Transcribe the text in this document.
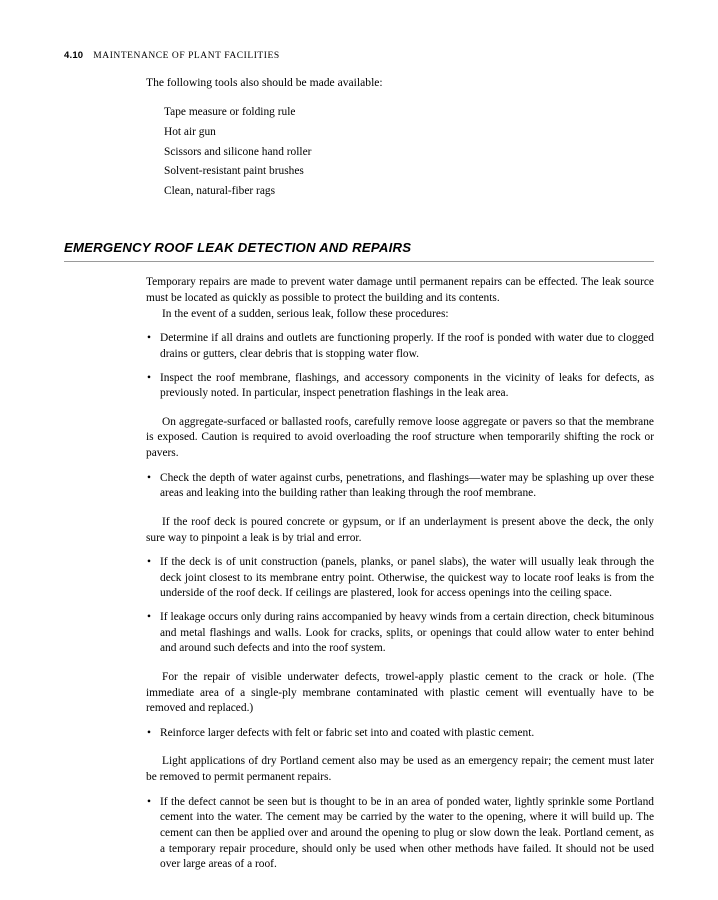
4.10 MAINTENANCE OF PLANT FACILITIES

The following tools also should be made available:

Tape measure or folding rule
Hot air gun
Scissors and silicone hand roller
Solvent-resistant paint brushes
Clean, natural-fiber rags
EMERGENCY ROOF LEAK DETECTION AND REPAIRS

Temporary repairs are made to prevent water damage until permanent repairs can be effected. The leak source must be located as quickly as possible to protect the building and its contents.

In the event of a sudden, serious leak, follow these procedures:

• Determine if all drains and outlets are functioning properly. If the roof is ponded with water due to clogged drains or gutters, clear debris that is stopping water flow.
• Inspect the roof membrane, flashings, and accessory components in the vicinity of leaks for defects, as previously noted. In particular, inspect penetration flashings in the leak area.

On aggregate-surfaced or ballasted roofs, carefully remove loose aggregate or pavers so that the membrane is exposed. Caution is required to avoid overloading the roof structure when temporarily shifting the rock or pavers.

• Check the depth of water against curbs, penetrations, and flashings—water may be splashing up over these areas and leaking into the building rather than leaking through the roof membrane.

If the roof deck is poured concrete or gypsum, or if an underlayment is present above the deck, the only sure way to pinpoint a leak is by trial and error.

• If the deck is of unit construction (panels, planks, or panel slabs), the water will usually leak through the deck joint closest to its membrane entry point. Otherwise, the quickest way to locate roof leaks is from the underside of the roof deck. If ceilings are plastered, look for access openings into the ceiling space.
• If leakage occurs only during rains accompanied by heavy winds from a certain direction, check bituminous and metal flashings and walls. Look for cracks, splits, or openings that could allow water to enter behind and around such defects and into the roof system.

For the repair of visible underwater defects, trowel-apply plastic cement to the crack or hole. (The immediate area of a single-ply membrane contaminated with plastic cement will eventually have to be removed and replaced.)

• Reinforce larger defects with felt or fabric set into and coated with plastic cement.

Light applications of dry Portland cement also may be used as an emergency repair; the cement must later be removed to permit permanent repairs.

• If the defect cannot be seen but is thought to be in an area of ponded water, lightly sprinkle some Portland cement into the water. The cement may be carried by the water to the opening, where it will build up. The cement can then be applied over and around the opening to plug or slow down the leak. Portland cement, as a temporary repair procedure, should only be used when other methods have failed. It should not be used over large areas of a roof.
